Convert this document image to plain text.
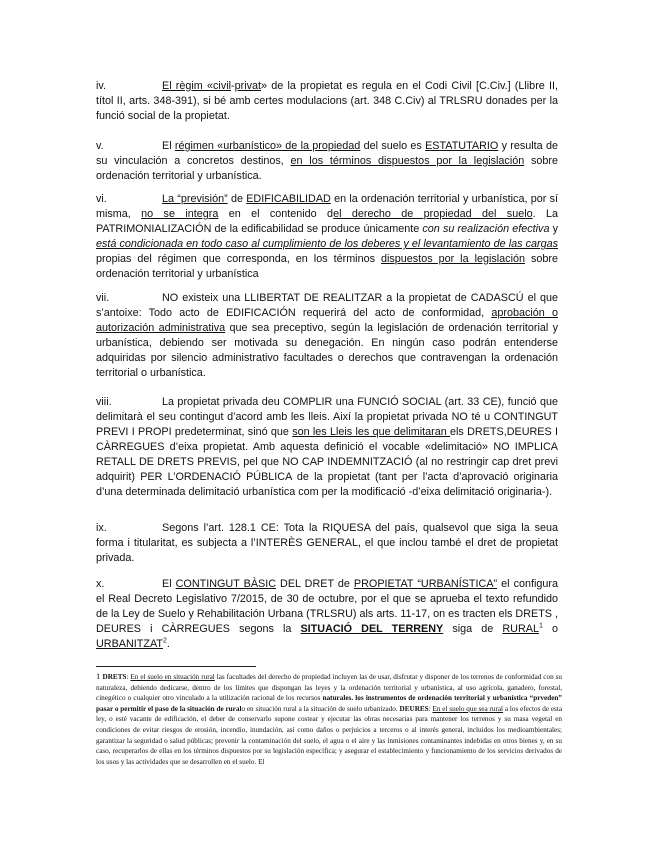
iv.	El règim «civil-privat» de la propietat es regula en el Codi Civil [C.Civ.] (Llibre II, títol II, arts. 348-391), si bé amb certes modulacions (art. 348 C.Civ) al TRLSRU donades per la funció social de la propietat.

v.	El régimen «urbanístico» de la propiedad del suelo es ESTATUTARIO y resulta de su vinculación a concretos destinos, en los términos dispuestos por la legislación sobre ordenación territorial y urbanística.

vi.	La “previsión” de EDIFICABILIDAD en la ordenación territorial y urbanística, por sí misma, no se integra en el contenido del derecho de propiedad del suelo. La PATRIMONIALIZACIÓN de la edificabilidad se produce únicamente con su realización efectiva y está condicionada en todo caso al cumplimiento de los deberes y el levantamiento de las cargas propias del régimen que corresponda, en los términos dispuestos por la legislación sobre ordenación territorial y urbanística

vii.	NO existeix una LLIBERTAT DE REALITZAR a la propietat de CADASCÚ el que s’antoixe: Todo acto de EDIFICACIÓN requerirá del acto de conformidad, aprobación o autorización administrativa que sea preceptivo, según la legislación de ordenación territorial y urbanística, debiendo ser motivada su denegación. En ningún caso podrán entenderse adquiridas por silencio administrativo facultades o derechos que contravengan la ordenación territorial o urbanística.

viii.	La propietat privada deu COMPLIR una FUNCIÓ SOCIAL (art. 33 CE), funció que delimitarà el seu contingut d’acord amb les lleis. Així la propietat privada NO té u CONTINGUT PREVI I PROPI predeterminat, sinó que son les Lleis les que delimitaran els DRETS,DEURES I CÀRREGUES d’eixa propietat. Amb aquesta definició el vocable «delimitació» NO IMPLICA RETALL DE DRETS PREVIS, pel que NO CAP INDEMNITZACIÓ (al no restringir cap dret previ adquirit) PER L’ORDENACIÓ PÚBLICA de la propietat (tant per l’acta d’aprovació originaria d’una determinada delimitació urbanística com per la modificació -d’eixa delimitació originaria-).

ix.	Segons l’art. 128.1 CE: Tota la RIQUESA del país, qualsevol que siga la seua forma i titularitat, es subjecta a l’INTERÈS GENERAL, el que inclou també el dret de propietat privada.

x.	El CONTINGUT BÀSIC DEL DRET de PROPIETAT “URBANÍSTICA” el configura el Real Decreto Legislativo 7/2015, de 30 de octubre, por el que se aprueba el texto refundido de la Ley de Suelo y Rehabilitación Urbana (TRLSRU) als arts. 11-17, on es tracten els DRETS , DEURES i CÀRREGUES segons la SITUACIÓ DEL TERRENY siga de RURAL$^1$ o URBANITZAT$^2$.

1 DRETS: En el suelo en situación rural las facultades del derecho de propiedad incluyen las de usar, disfrutar y disponer de los terrenos de conformidad con su naturaleza, debiendo dedicarse, dentro de los límites que dispongan las leyes y la ordenación territorial y urbanística, al uso agrícola, ganadero, forestal, cinegético o cualquier otro vinculado a la utilización racional de los recursos naturales. los instrumentos de ordenación territorial y urbanística “prveden” pasar o permitir el paso de la situación de ruralo en situación rural a la situación de suelo urbanizado. DEURES: En el suelo que sea rural a los efectos de esta ley, o esté vacante de edificación, el deber de conservarlo supone costear y ejecutar las obras necesarias para mantener los terrenos y su masa vegetal en condiciones de evitar riesgos de erosión, incendio, inundación, así como daños o perjuicios a terceros o al interés general, incluidos los medioambientales; garantizar la seguridad o salud públicas; prevenir la contaminación del suelo, el agua o el aire y las inmisiones contaminantes indebidas en otros bienes y, en su caso, recuperarlos de ellas en los términos dispuestos por su legislación específica; y asegurar el establecimiento y funcionamiento de los servicios derivados de los usos y las actividades que se desarrollen en el suelo. El
